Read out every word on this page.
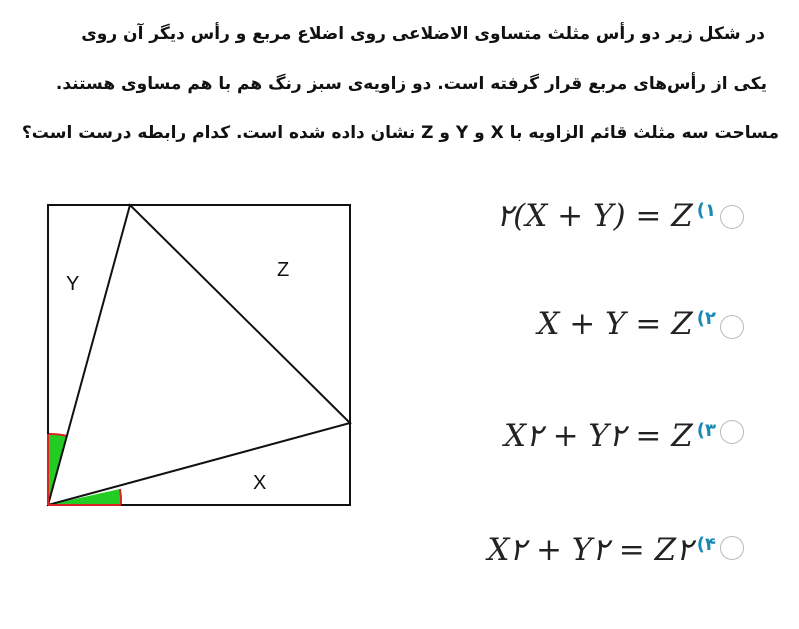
در شکل زیر دو رأس مثلث متساوی الاضلاعی روی اضلاع مربع و رأس دیگر آن روی
یکی از رأس‌های مربع قرار گرفته است. دو زاویه‌ی سبز رنگ هم با هم مساوی هستند.
مساحت سه مثلث قائم الزاویه با X و Y و Z نشان داده شده است. کدام رابطه درست است؟
Y
Z
X
۲(X + Y) = Z (۱
X + Y = Z (۲
X۲ + Y۲ = Z (۳
X۲ + Y۲ = Z۲ (۴
